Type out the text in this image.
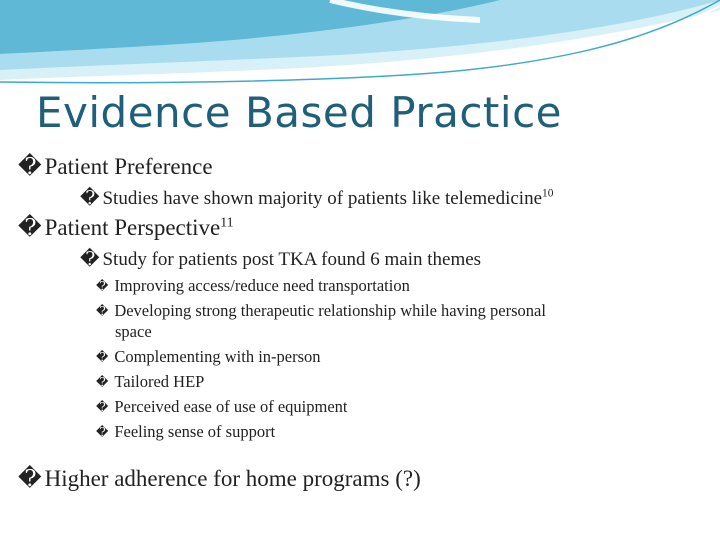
Evidence Based Practice
� Patient Preference
� Studies have shown majority of patients like telemedicine$^{10}$
� Patient Perspective$^{11}$
� Study for patients post TKA found 6 main themes
� Improving access/reduce need transportation
� Developing strong therapeutic relationship while having personal
space
� Complementing with in-person
� Tailored HEP
� Perceived ease of use of equipment
� Feeling sense of support
� Higher adherence for home programs (?)
